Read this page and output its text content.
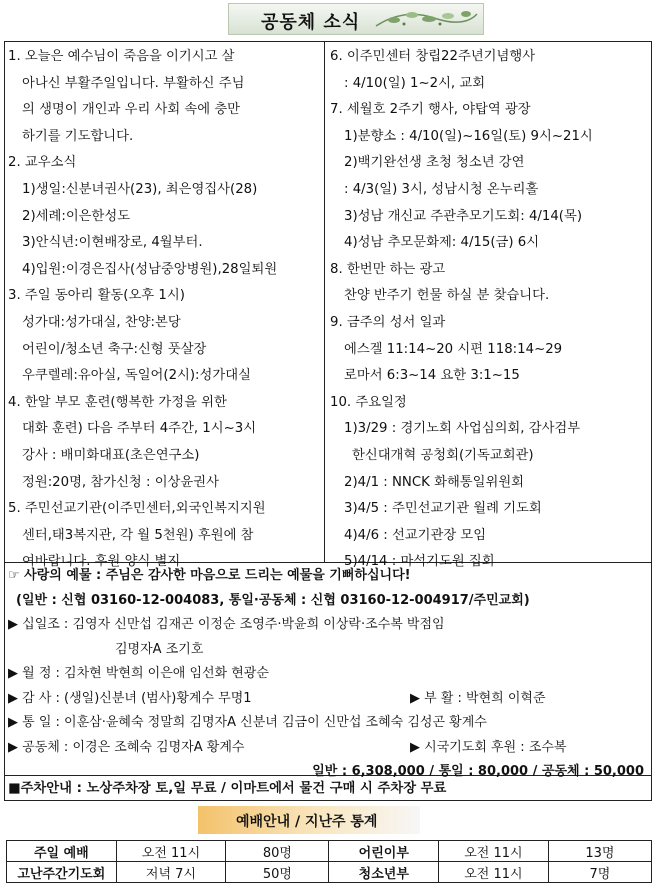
공동체 소식
1. 오늘은 예수님이 죽음을 이기시고 살
아나신 부활주일입니다. 부활하신 주님
의 생명이 개인과 우리 사회 속에 충만
하기를 기도합니다.
2. 교우소식
1)생일:신분녀권사(23), 최은영집사(28)
2)세례:이은한성도
3)안식년:이현배장로, 4월부터.
4)입원:이경은집사(성남중앙병원),28일퇴원
3. 주일 동아리 활동(오후 1시)
성가대:성가대실, 찬양:본당
어린이/청소년 축구:신형 풋살장
우쿠렐레:유아실, 독일어(2시):성가대실
4. 한알 부모 훈련(행복한 가정을 위한
대화 훈련) 다음 주부터 4주간, 1시~3시
강사 : 배미화대표(초은연구소)
정원:20명, 참가신청 : 이상윤권사
5. 주민선교기관(이주민센터,외국인복지지원
센터,태3복지관, 각 월 5천원) 후원에 참
여바랍니다. 후원 양식 별지
6. 이주민센터 창립22주년기념행사
: 4/10(일) 1~2시, 교회
7. 세월호 2주기 행사, 야탑역 광장
1)분향소 : 4/10(일)~16일(토) 9시~21시
2)백기완선생 초청 청소년 강연
: 4/3(일) 3시, 성남시청 온누리홀
3)성남 개신교 주관추모기도회: 4/14(목)
4)성남 추모문화제: 4/15(금) 6시
8. 한번만 하는 광고
찬양 반주기 헌물 하실 분 찾습니다.
9. 금주의 성서 일과
에스겔 11:14~20 시편 118:14~29
로마서 6:3~14 요한 3:1~15
10. 주요일정
1)3/29 : 경기노회 사업심의회, 감사검부
한신대개혁 공청회(기독교회관)
2)4/1 : NNCK 화해통일위원회
3)4/5 : 주민선교기관 월례 기도회
4)4/6 : 선교기관장 모임
5)4/14 : 마석기도원 집회
☞ 사랑의 예물 : 주님은 감사한 마음으로 드리는 예물을 기뻐하십니다!
(일반 : 신협 03160-12-004083, 통일·공동체 : 신협 03160-12-004917/주민교회)
▶ 십일조 : 김영자 신만섭 김재곤 이정순 조영주·박윤희 이상락·조수복 박점임
김명자A 조기호
▶ 월 정 : 김차현 박현희 이은애 임선화 현광순
▶ 감 사 : (생일)신분녀 (범사)황계수 무명1	▶ 부 활 : 박현희 이혁준
▶ 통 일 : 이훈삼·윤혜숙 정말희 김명자A 신분녀 김금이 신만섭 조혜숙 김성곤 황계수
▶ 공동체 : 이경은 조혜숙 김명자A 황계수	▶ 시국기도회 후원 : 조수복
일반 : 6,308,000 / 통일 : 80,000 / 공동체 : 50,000
■주차안내 : 노상주차장 토,일 무료 / 이마트에서 물건 구매 시 주차장 무료
예배안내 / 지난주 통계
주일 예배	오전 11시	80명	어린이부	오전 11시	13명
고난주간기도회	저녁 7시	50명	청소년부	오전 11시	7명
